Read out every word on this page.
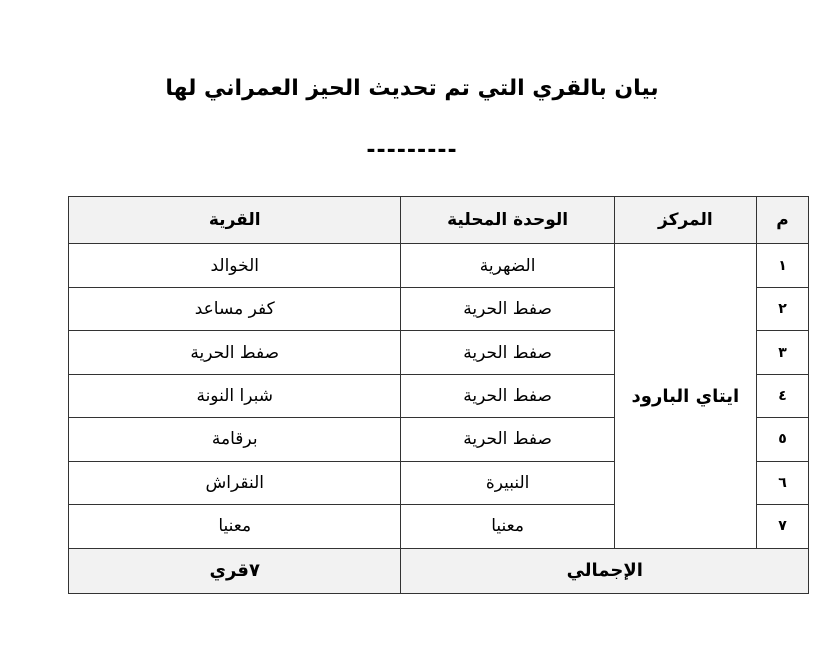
بيان بالقري التي تم تحديث الحيز العمراني لها
---------
م	المركز	الوحدة المحلية	القرية
١	ايتاي البارود	الضهرية	الخوالد
٢		صفط الحرية	كفر مساعد
٣		صفط الحرية	صفط الحرية
٤		صفط الحرية	شبرا النونة
٥		صفط الحرية	برقامة
٦		النبيرة	النقراش
٧		معنيا	معنيا
الإجمالي			٧قري
